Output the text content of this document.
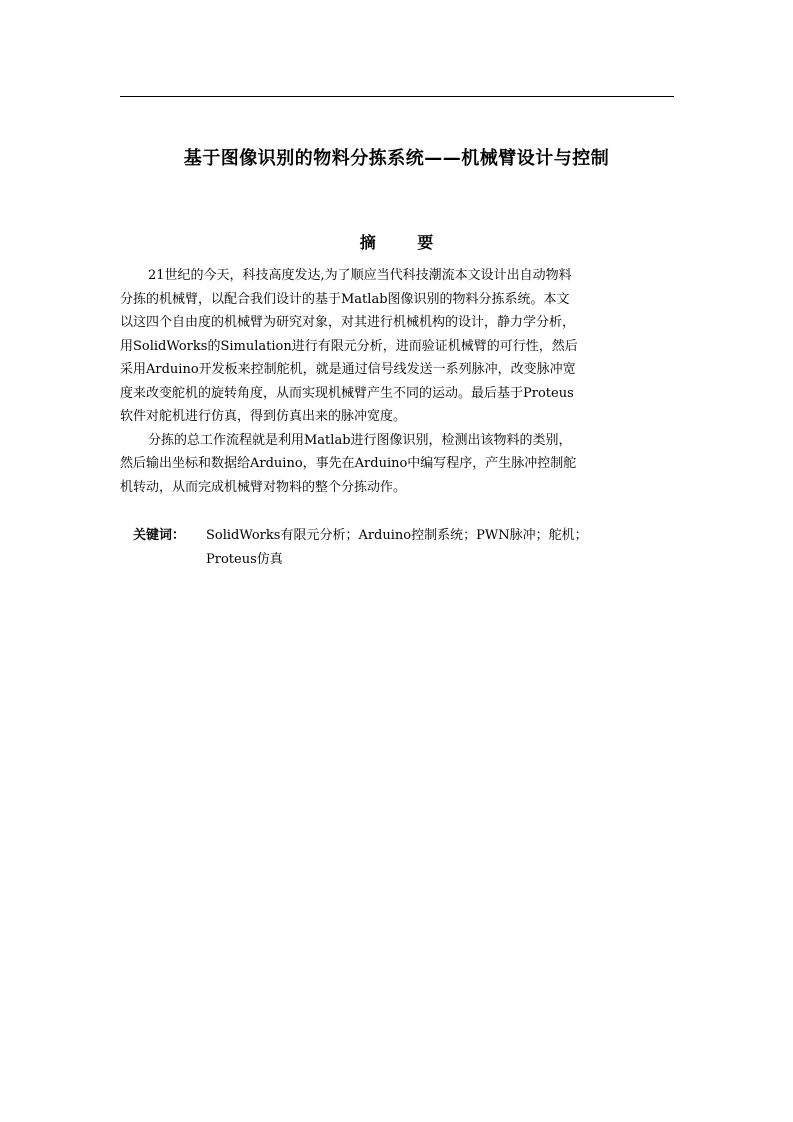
基于图像识别的物料分拣系统——机械臂设计与控制
摘 要

21世纪的今天，科技高度发达,为了顺应当代科技潮流本文设计出自动物料
分拣的机械臂，以配合我们设计的基于Matlab图像识别的物料分拣系统。本文
以这四个自由度的机械臂为研究对象，对其进行机械机构的设计，静力学分析，
用SolidWorks的Simulation进行有限元分析，进而验证机械臂的可行性，然后
采用Arduino开发板来控制舵机，就是通过信号线发送一系列脉冲，改变脉冲宽
度来改变舵机的旋转角度，从而实现机械臂产生不同的运动。最后基于Proteus
软件对舵机进行仿真，得到仿真出来的脉冲宽度。

分拣的总工作流程就是利用Matlab进行图像识别，检测出该物料的类别，
然后输出坐标和数据给Arduino，事先在Arduino中编写程序，产生脉冲控制舵
机转动，从而完成机械臂对物料的整个分拣动作。

关键词： SolidWorks有限元分析；Arduino控制系统；PWN脉冲；舵机；
Proteus仿真
